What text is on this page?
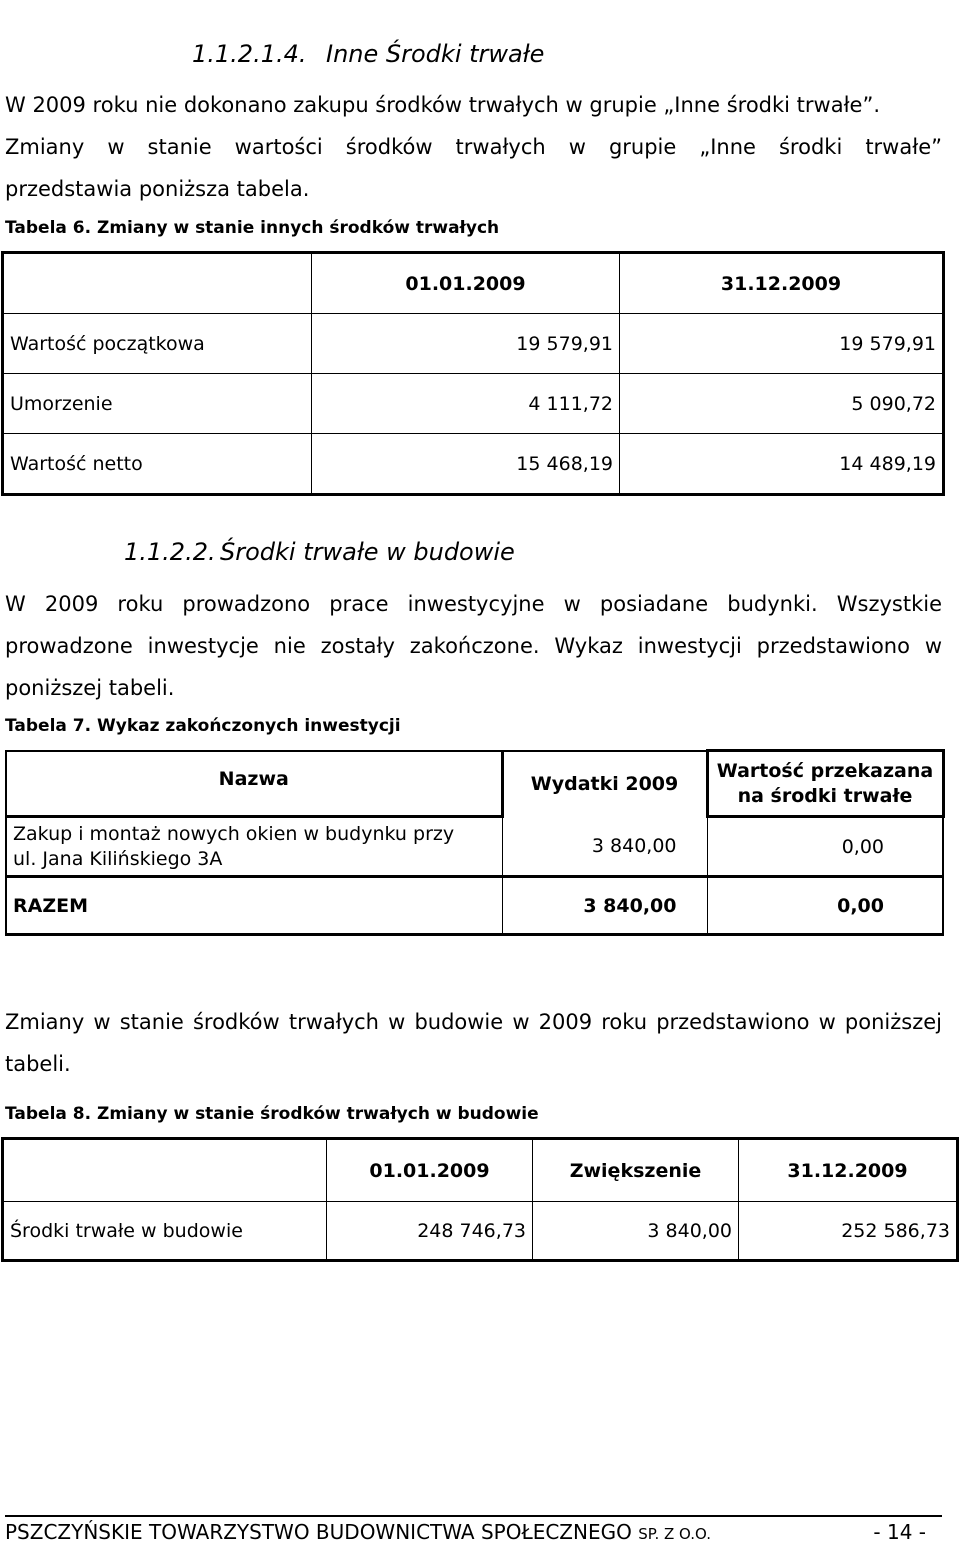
1.1.2.1.4. Inne Środki trwałe
W 2009 roku nie dokonano zakupu środków trwałych w grupie „Inne środki trwałe”.
Zmiany w stanie wartości środków trwałych w grupie „Inne środki trwałe”
przedstawia poniższa tabela.
Tabela 6. Zmiany w stanie innych środków trwałych
	01.01.2009	31.12.2009
Wartość początkowa	19 579,91	19 579,91
Umorzenie	4 111,72	5 090,72
Wartość netto	15 468,19	14 489,19
1.1.2.2. Środki trwałe w budowie
W 2009 roku prowadzono prace inwestycyjne w posiadane budynki. Wszystkie
prowadzone inwestycje nie zostały zakończone. Wykaz inwestycji przedstawiono w
poniższej tabeli.
Tabela 7. Wykaz zakończonych inwestycji
Nazwa	Wydatki 2009	Wartość przekazana na środki trwałe
Zakup i montaż nowych okien w budynku przy ul. Jana Kilińskiego 3A	3 840,00	0,00
RAZEM	3 840,00	0,00
Zmiany w stanie środków trwałych w budowie w 2009 roku przedstawiono w poniższej
tabeli.
Tabela 8. Zmiany w stanie środków trwałych w budowie
	01.01.2009	Zwiększenie	31.12.2009
Środki trwałe w budowie	248 746,73	3 840,00	252 586,73
PSZCZYŃSKIE TOWARZYSTWO BUDOWNICTWA SPOŁECZNEGO SP. Z O.O.	- 14 -
